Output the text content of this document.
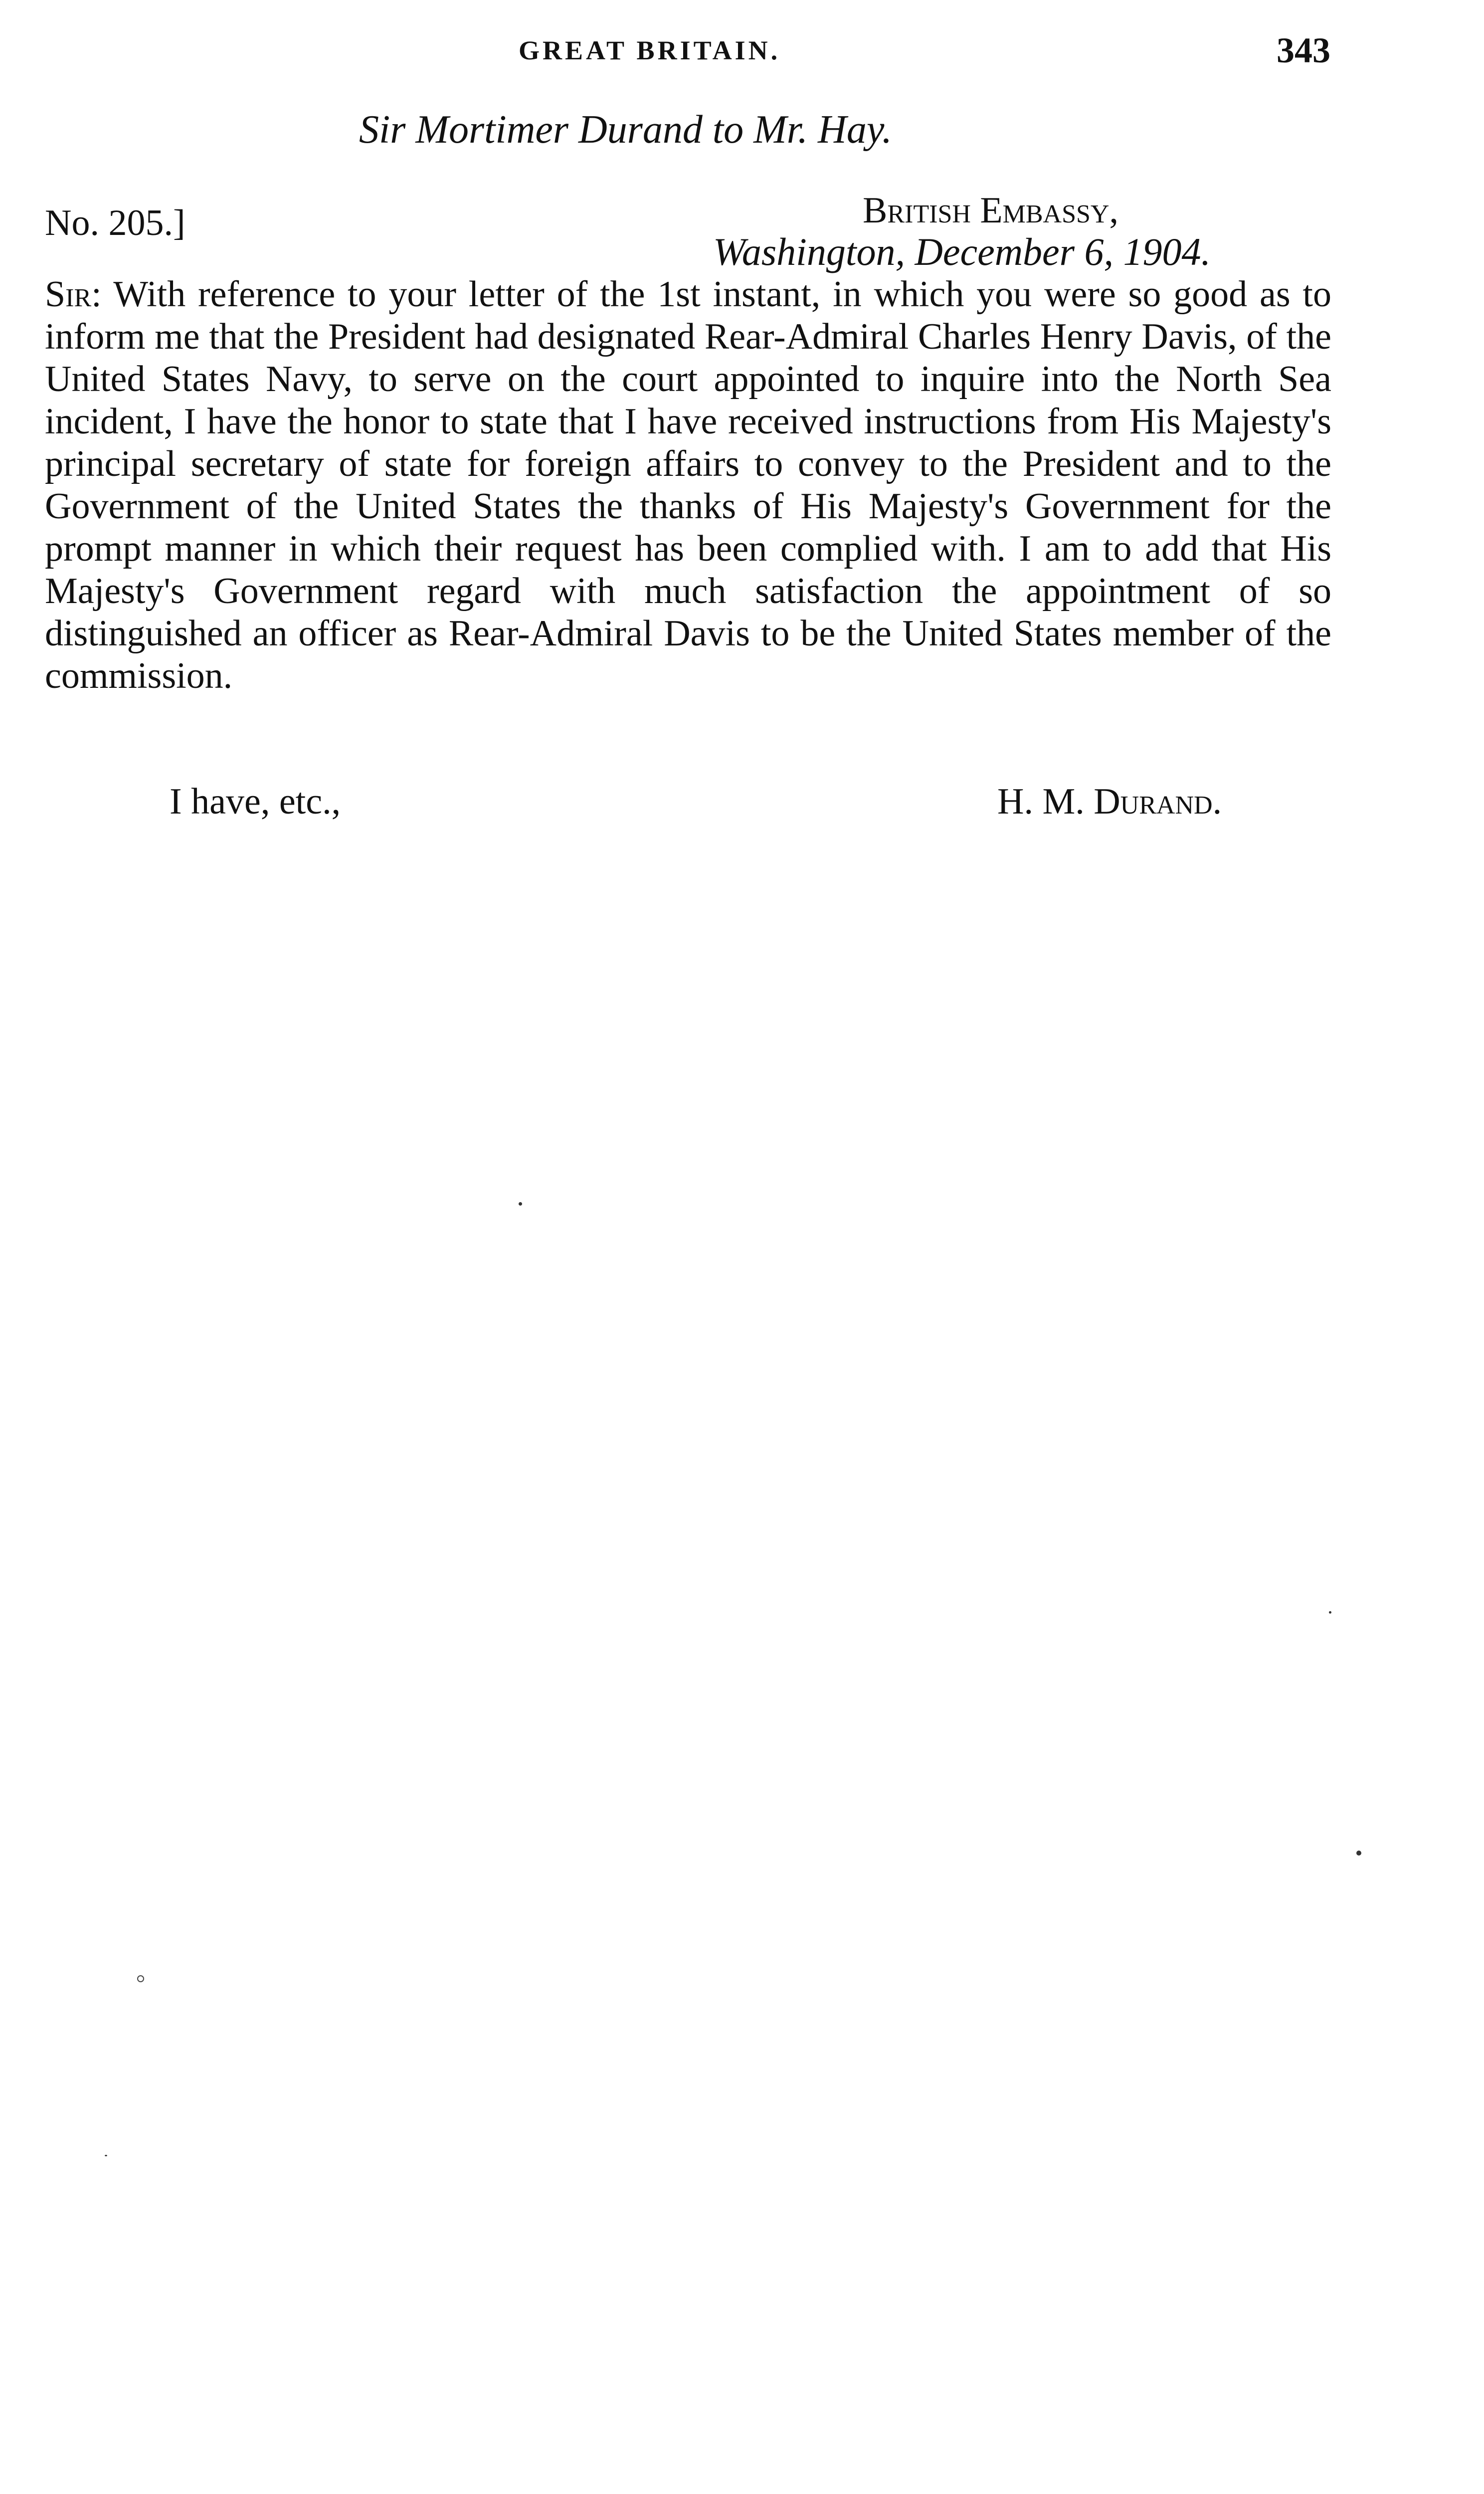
GREAT BRITAIN.	343
Sir Mortimer Durand to Mr. Hay.
No. 205.]	British Embassy,
Washington, December 6, 1904.
Sir: With reference to your letter of the 1st instant, in which you were so good as to inform me that the President had designated Rear-Admiral Charles Henry Davis, of the United States Navy, to serve on the court appointed to inquire into the North Sea incident, I have the honor to state that I have received instructions from His Majesty's principal secretary of state for foreign affairs to convey to the President and to the Government of the United States the thanks of His Majesty's Government for the prompt manner in which their request has been complied with. I am to add that His Majesty's Government regard with much satisfaction the appointment of so distinguished an officer as Rear-Admiral Davis to be the United States member of the commission.
I have, etc.,	H. M. Durand.
